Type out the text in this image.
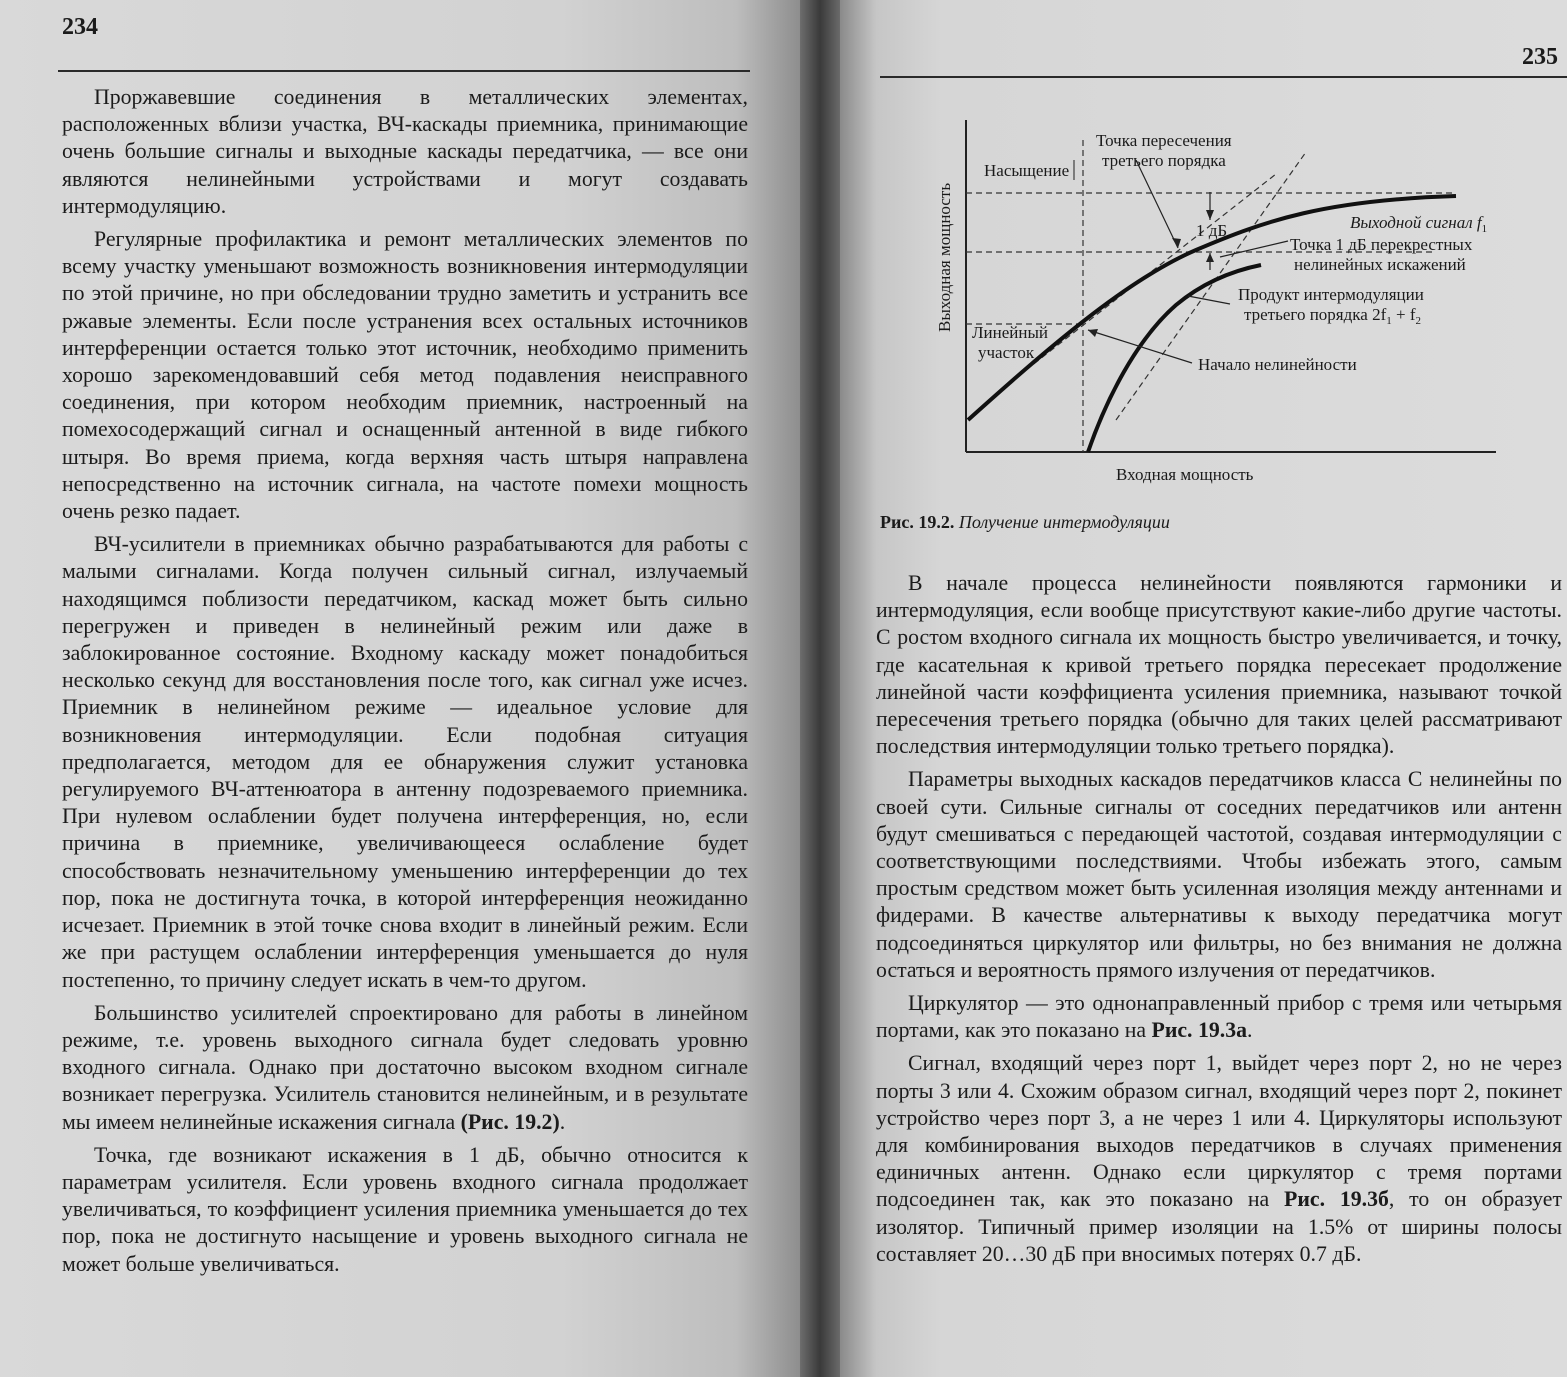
234

Проржавевшие соединения в металлических элементах, расположенных вблизи участка, ВЧ-каскады приемника, принимающие очень большие сигналы и выходные каскады передатчика, — все они являются нелинейными устройствами и могут создавать интермодуляцию.

Регулярные профилактика и ремонт металлических элементов по всему участку уменьшают возможность возникновения интермодуляции по этой причине, но при обследовании трудно заметить и устранить все ржавые элементы. Если после устранения всех остальных источников интерференции остается только этот источник, необходимо применить хорошо зарекомендовавший себя метод подавления неисправного соединения, при котором необходим приемник, настроенный на помехосодержащий сигнал и оснащенный антенной в виде гибкого штыря. Во время приема, когда верхняя часть штыря направлена непосредственно на источник сигнала, на частоте помехи мощность очень резко падает.

ВЧ-усилители в приемниках обычно разрабатываются для работы с малыми сигналами. Когда получен сильный сигнал, излучаемый находящимся поблизости передатчиком, каскад может быть сильно перегружен и приведен в нелинейный режим или даже в заблокированное состояние. Входному каскаду может понадобиться несколько секунд для восстановления после того, как сигнал уже исчез. Приемник в нелинейном режиме — идеальное условие для возникновения интермодуляции. Если подобная ситуация предполагается, методом для ее обнаружения служит установка регулируемого ВЧ-аттенюатора в антенну подозреваемого приемника. При нулевом ослаблении будет получена интерференция, но, если причина в приемнике, увеличивающееся ослабление будет способствовать незначительному уменьшению интерференции до тех пор, пока не достигнута точка, в которой интерференция неожиданно исчезает. Приемник в этой точке снова входит в линейный режим. Если же при растущем ослаблении интерференция уменьшается до нуля постепенно, то причину следует искать в чем-то другом.

Большинство усилителей спроектировано для работы в линейном режиме, т.е. уровень выходного сигнала будет следовать уровню входного сигнала. Однако при достаточно высоком входном сигнале возникает перегрузка. Усилитель становится нелинейным, и в результате мы имеем нелинейные искажения сигнала (Рис. 19.2).

Точка, где возникают искажения в 1 дБ, обычно относится к параметрам усилителя. Если уровень входного сигнала продолжает увеличиваться, то коэффициент усиления приемника уменьшается до тех пор, пока не достигнуто насыщение и уровень выходного сигнала не может больше увеличиваться.

235
Выходная мощность
Входная мощность
Насыщение
Точка пересечения
третьего порядка
1 дБ	Выходной сигнал $f_1$
Точка 1 дБ перекрестных
нелинейных искажений
Продукт интермодуляции
третьего порядка $2f_1 + f_2$
Линейный
участок
Начало нелинейности
Рис. 19.2. Получение интермодуляции

В начале процесса нелинейности появляются гармоники и интермодуляция, если вообще присутствуют какие-либо другие частоты. С ростом входного сигнала их мощность быстро увеличивается, и точку, где касательная к кривой третьего порядка пересекает продолжение линейной части коэффициента усиления приемника, называют точкой пересечения третьего порядка (обычно для таких целей рассматривают последствия интермодуляции только третьего порядка).

Параметры выходных каскадов передатчиков класса С нелинейны по своей сути. Сильные сигналы от соседних передатчиков или антенн будут смешиваться с передающей частотой, создавая интермодуляции с соответствующими последствиями. Чтобы избежать этого, самым простым средством может быть усиленная изоляция между антеннами и фидерами. В качестве альтернативы к выходу передатчика могут подсоединяться циркулятор или фильтры, но без внимания не должна остаться и вероятность прямого излучения от передатчиков.

Циркулятор — это однонаправленный прибор с тремя или четырьмя портами, как это показано на Рис. 19.3а.

Сигнал, входящий через порт 1, выйдет через порт 2, но не через порты 3 или 4. Схожим образом сигнал, входящий через порт 2, покинет устройство через порт 3, а не через 1 или 4. Циркуляторы используют для комбинирования выходов передатчиков в случаях применения единичных антенн. Однако если циркулятор с тремя портами подсоединен так, как это показано на Рис. 19.3б, то он образует изолятор. Типичный пример изоляции на 1.5% от ширины полосы составляет 20…30 дБ при вносимых потерях 0.7 дБ.
